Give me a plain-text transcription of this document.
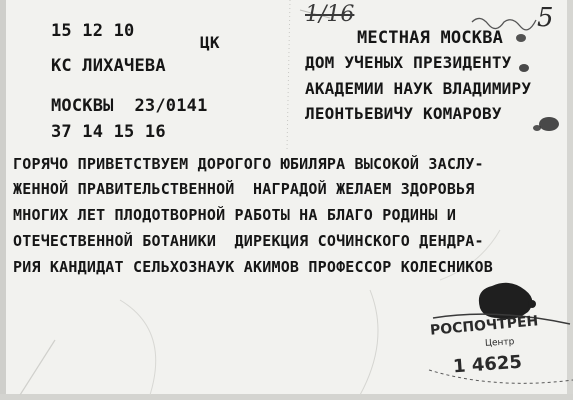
1/16	5
15 12 10
ЦК
КС ЛИХАЧЕВА
МОСКВЫ  23/0141
37 14 15 16
МЕСТНАЯ МОСКВА
ДОМ УЧЕНЫХ ПРЕЗИДЕНТУ
АКАДЕМИИ НАУК ВЛАДИМИРУ
ЛЕОНТЬЕВИЧУ КОМАРОВУ
ГОРЯЧО ПРИВЕТСТВУЕМ ДОРОГОГО ЮБИЛЯРА ВЫСОКОЙ ЗАСЛУ-
ЖЕННОЙ ПРАВИТЕЛЬСТВЕННОЙ  НАГРАДОЙ ЖЕЛАЕМ ЗДОРОВЬЯ
МНОГИХ ЛЕТ ПЛОДОТВОРНОЙ РАБОТЫ НА БЛАГО РОДИНЫ И
ОТЕЧЕСТВЕННОЙ БОТАНИКИ  ДИРЕКЦИЯ СОЧИНСКОГО ДЕНДРА-
РИЯ КАНДИДАТ СЕЛЬХОЗНАУК АКИМОВ ПРОФЕССОР КОЛЕСНИКОВ
РОСПОЧТРЕН
Центр
1 4625
